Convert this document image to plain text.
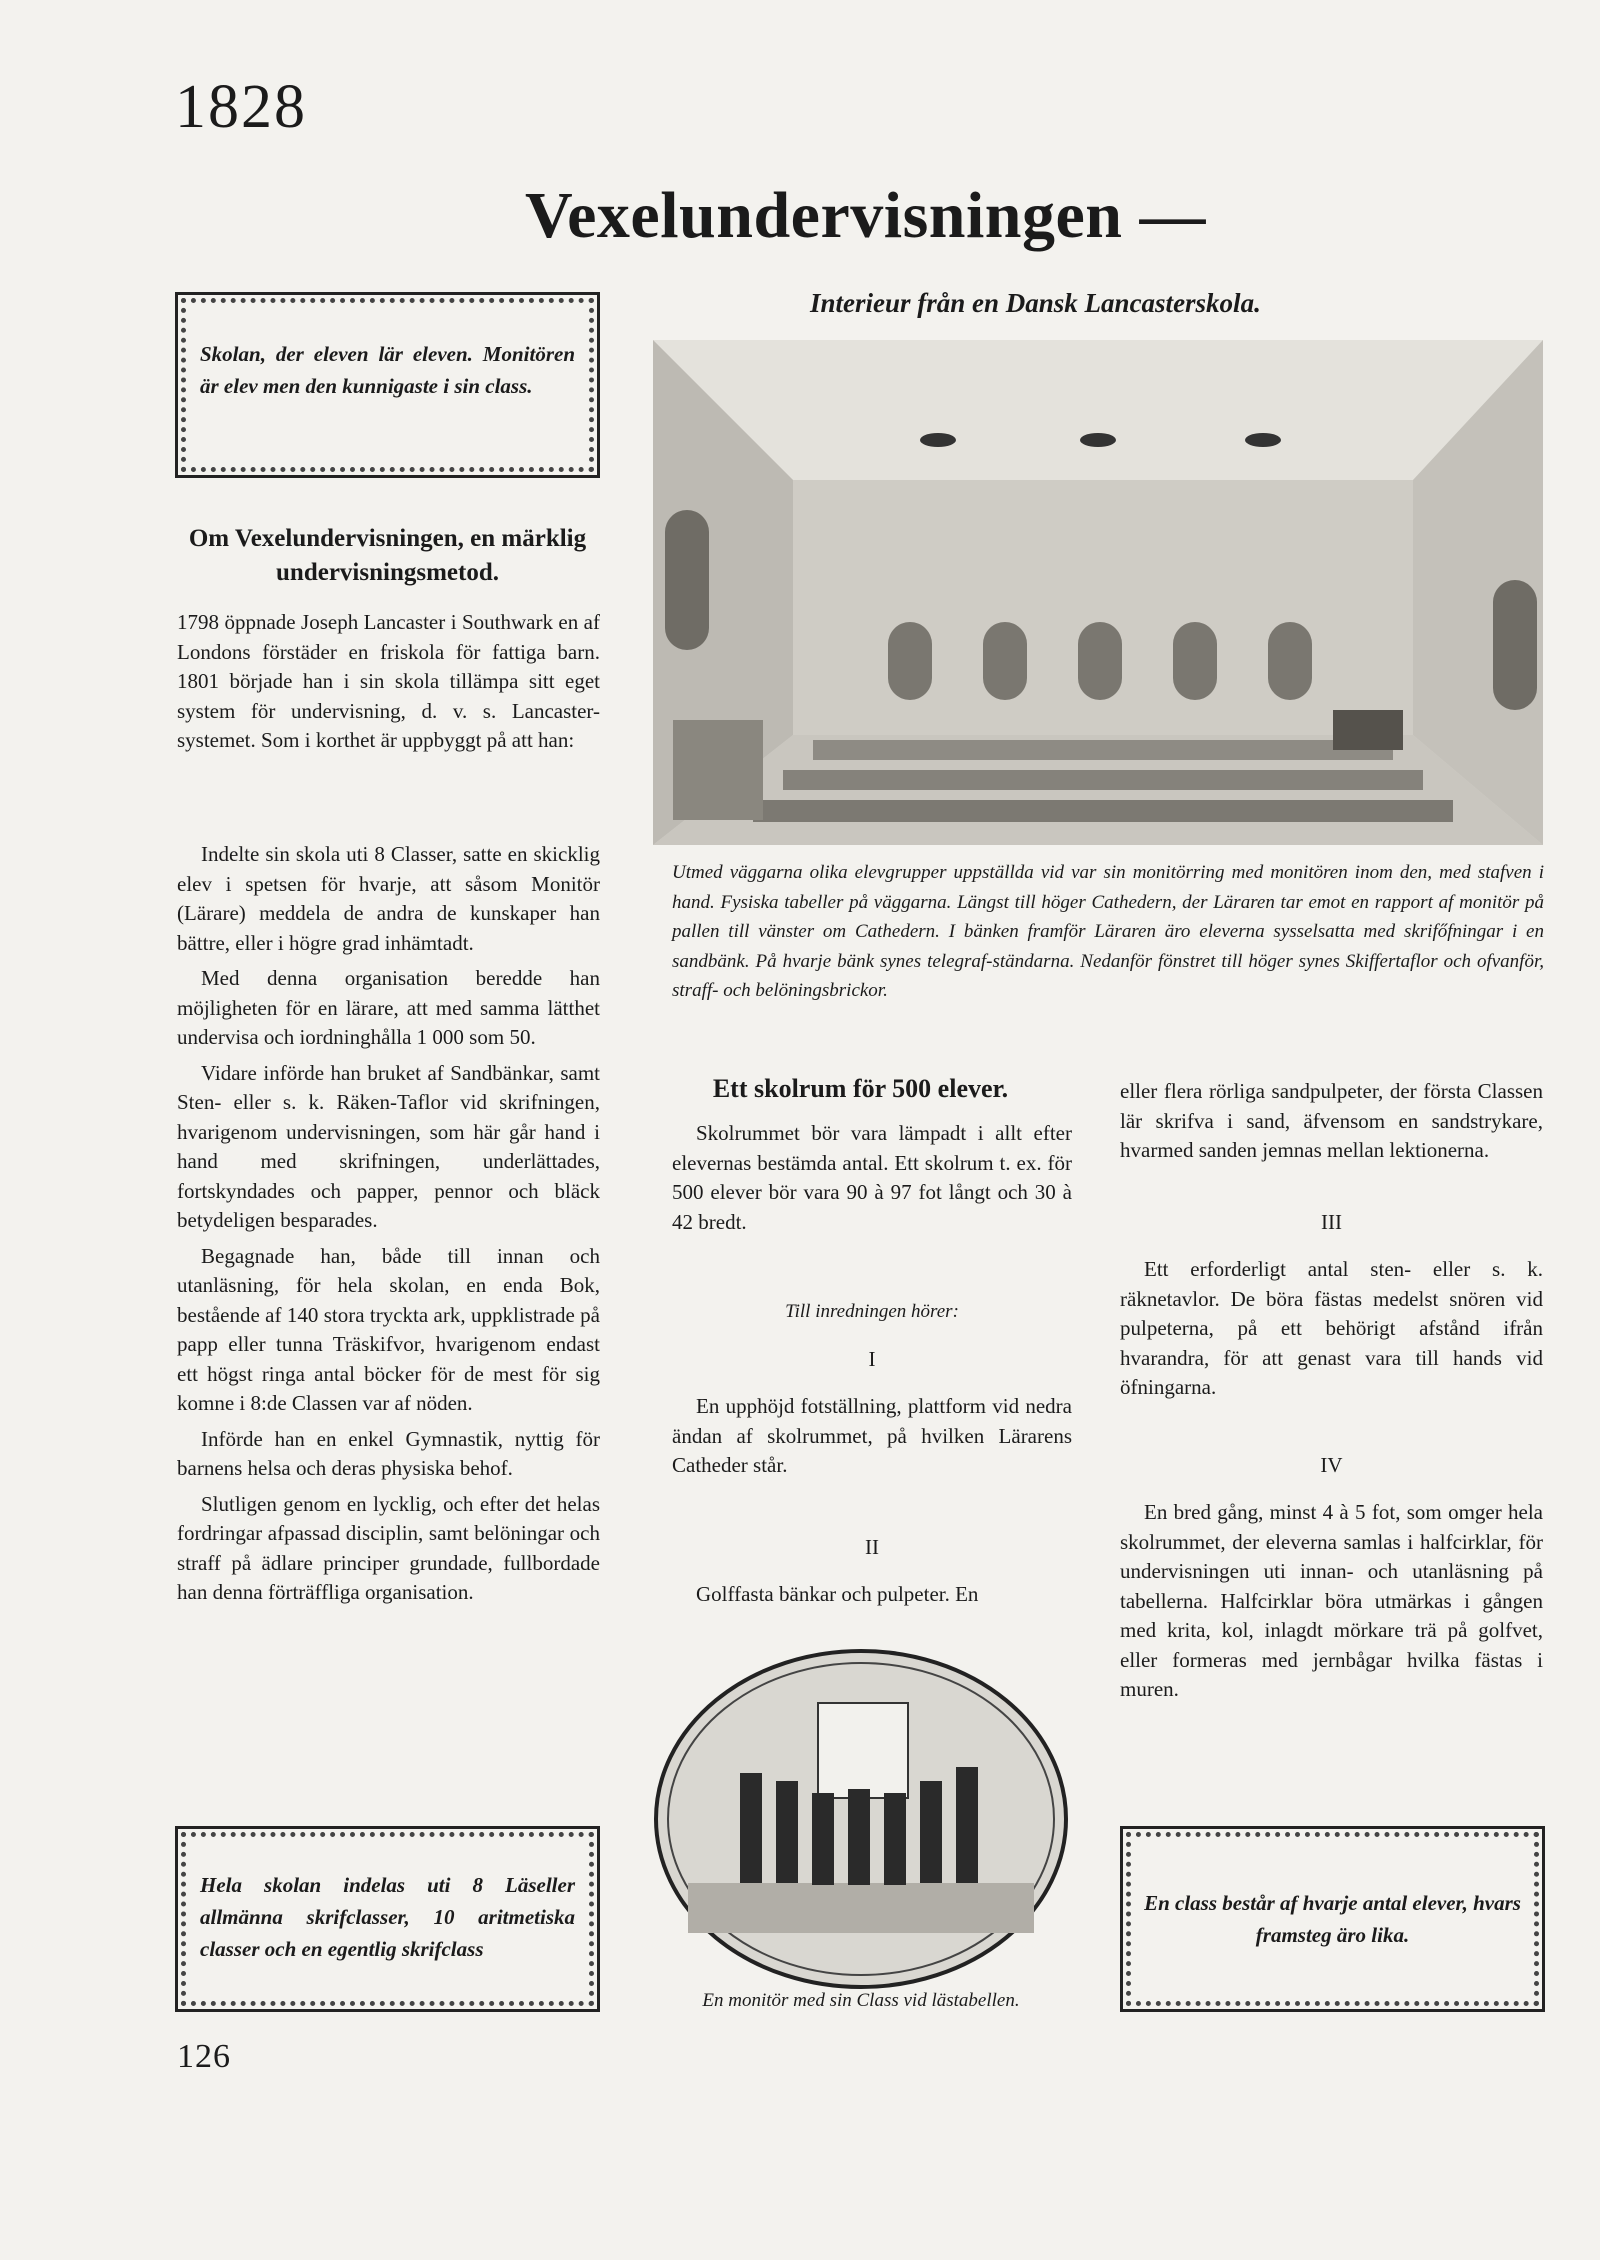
1828
Vexelundervisningen —
Interieur från en Dansk Lancasterskola.

Skolan, der eleven lär eleven. Monitören är elev men den kunnigaste i sin class.

Om Vexelundervisningen, en märklig undervisningsmetod.

1798 öppnade Joseph Lancaster i Southwark en af Londons förstäder en friskola för fattiga barn. 1801 började han i sin skola tillämpa sitt eget system för undervisning, d. v. s. Lancaster-systemet. Som i korthet är uppbyggt på att han:

Indelte sin skola uti 8 Classer, satte en skicklig elev i spetsen för hvarje, att såsom Monitör (Lärare) meddela de andra de kunskaper han bättre, eller i högre grad inhämtadt.

Med denna organisation beredde han möjligheten för en lärare, att med samma lätthet undervisa och iordninghålla 1 000 som 50.

Vidare införde han bruket af Sandbänkar, samt Sten- eller s. k. Räken-Taflor vid skrifningen, hvarigenom undervisningen, som här går hand i hand med skrifningen, underlättades, fortskyndades och papper, pennor och bläck betydeligen besparades.

Begagnade han, både till innan och utanläsning, för hela skolan, en enda Bok, bestående af 140 stora tryckta ark, uppklistrade på papp eller tunna Träskifvor, hvarigenom endast ett högst ringa antal böcker för de mest för sig komne i 8:de Classen var af nöden.

Införde han en enkel Gymnastik, nyttig för barnens helsa och deras physiska behof.

Slutligen genom en lycklig, och efter det helas fordringar afpassad disciplin, samt belöningar och straff på ädlare principer grundade, fullbordade han denna förträffliga organisation.

Utmed väggarna olika elevgrupper uppställda vid var sin monitörring med monitören inom den, med stafven i hand. Fysiska tabeller på väggarna. Längst till höger Cathedern, der Läraren tar emot en rapport af monitör på pallen till vänster om Cathedern. I bänken framför Läraren äro eleverna sysselsatta med skrifőfningar i en sandbänk. På hvarje bänk synes telegraf-ständarna. Nedanför fönstret till höger synes Skiffertaflor och ofvanför, straff- och belöningsbrickor.

Ett skolrum för 500 elever.

Skolrummet bör vara lämpadt i allt efter elevernas bestämda antal. Ett skolrum t. ex. för 500 elever bör vara 90 à 97 fot långt och 30 à 42 bredt.

Till inredningen hörer:

I

En upphöjd fotställning, plattform vid nedra ändan af skolrummet, på hvilken Lärarens Catheder står.

II

Golffasta bänkar och pulpeter. En

En monitör med sin Class vid lästabellen.

eller flera rörliga sandpulpeter, der första Classen lär skrifva i sand, äfvensom en sandstrykare, hvarmed sanden jemnas mellan lektionerna.

III

Ett erforderligt antal sten- eller s. k. räknetavlor. De böra fästas medelst snören vid pulpeterna, på ett behörigt afstånd ifrån hvarandra, för att genast vara till hands vid öfningarna.

IV

En bred gång, minst 4 à 5 fot, som omger hela skolrummet, der eleverna samlas i halfcirklar, för undervisningen uti innan- och utanläsning på tabellerna. Halfcirklar böra utmärkas i gången med krita, kol, inlagdt mörkare trä på golfvet, eller formeras med jernbågar hvilka fästas i muren.

Hela skolan indelas uti 8 Läseller allmänna skrifclasser, 10 aritmetiska classer och en egentlig skrifclass

En class består af hvarje antal elever, hvars framsteg äro lika.

126
